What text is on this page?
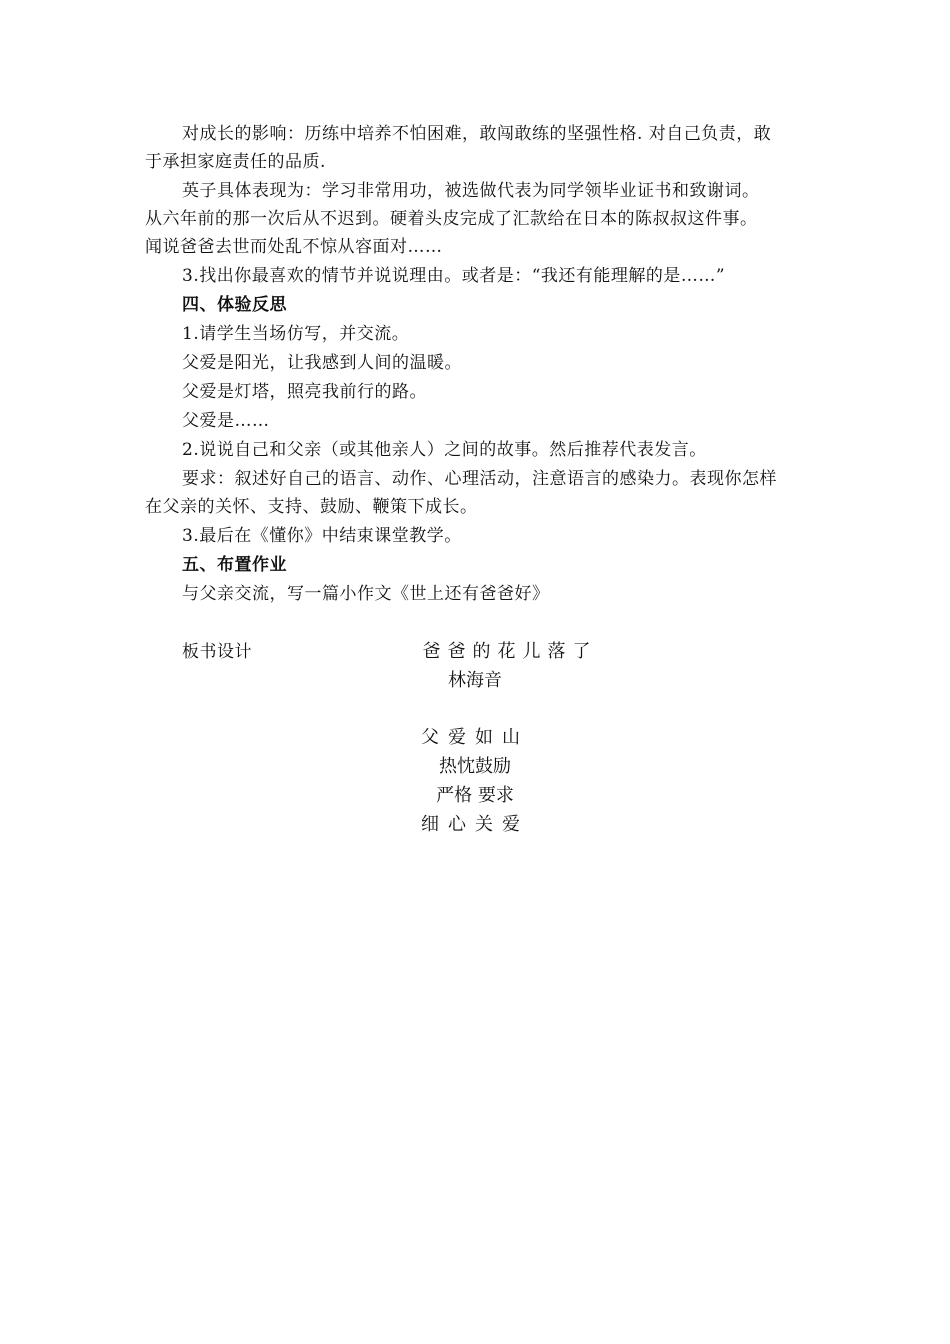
对成长的影响：历练中培养不怕困难，敢闯敢练的坚强性格. 对自己负责，敢
于承担家庭责任的品质.
英子具体表现为：学习非常用功，被选做代表为同学领毕业证书和致谢词。
从六年前的那一次后从不迟到。硬着头皮完成了汇款给在日本的陈叔叔这件事。
闻说爸爸去世而处乱不惊从容面对……
3.找出你最喜欢的情节并说说理由。或者是：“我还有能理解的是……”
四、体验反思
1.请学生当场仿写，并交流。
父爱是阳光，让我感到人间的温暖。
父爱是灯塔，照亮我前行的路。
父爱是……
2.说说自己和父亲（或其他亲人）之间的故事。然后推荐代表发言。
要求：叙述好自己的语言、动作、心理活动，注意语言的感染力。表现你怎样
在父亲的关怀、支持、鼓励、鞭策下成长。
3.最后在《懂你》中结束课堂教学。
五、布置作业
与父亲交流，写一篇小作文《世上还有爸爸好》
板书设计	爸爸的花儿落了
林海音
父爱如山
热忱鼓励
严格 要求
细心关爱
